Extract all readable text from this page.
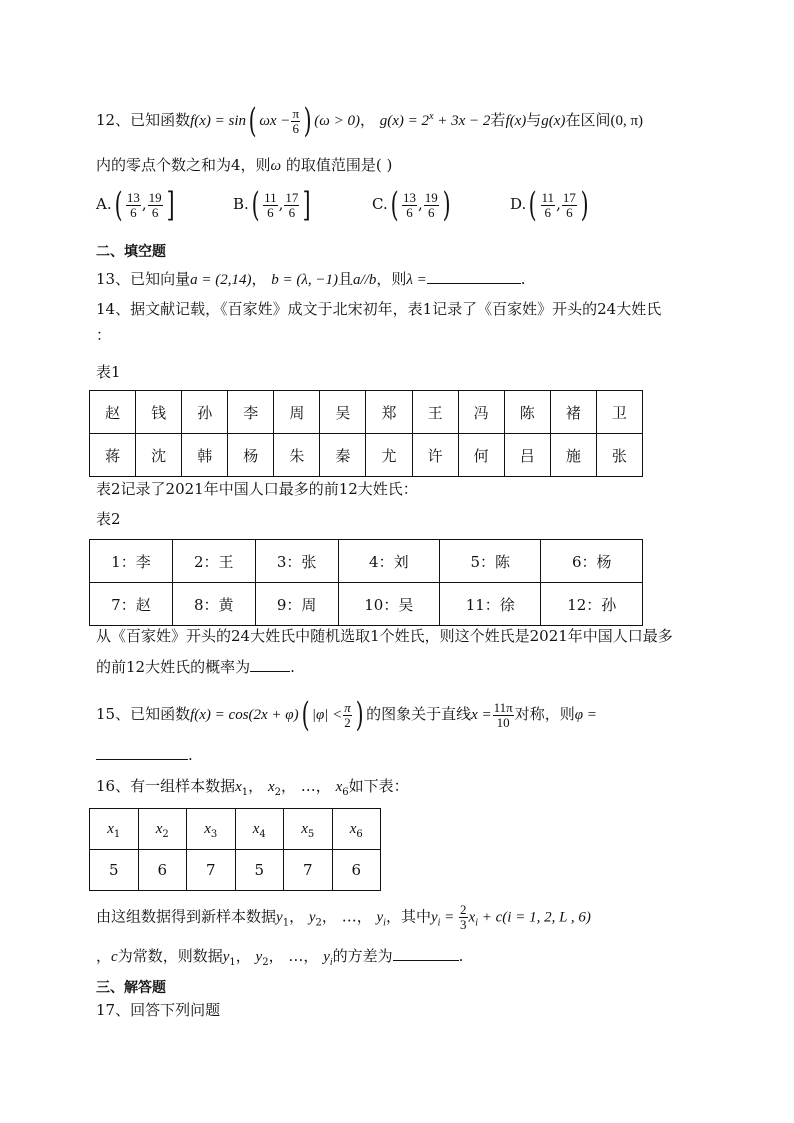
12、已知函数f(x) = sin( $\omega x - \frac{\pi}{6}$ ) (ω > 0)， $g(x) = 2^x + 3x - 2$若f(x)与g(x)在区间(0, π)
内的零点个数之和为4，则ω 的取值范围是( )
$A.( \frac{13}{6}$ , $\frac{19}{6}$ ]	$B.( \frac{11}{6}$ , $\frac{17}{6}$ ]	$C.( \frac{13}{6}$ , $\frac{19}{6}$ )	$D.( \frac{11}{6}$ , $\frac{17}{6}$ )
二、填空题
13、已知向量a = (2,14)， b = (λ, −1)且a//b，则λ =	.
14、据文献记载，《百家姓》成文于北宋初年，表1记录了《百家姓》开头的24大姓氏
：
表1
赵	钱	孙	李	周	吴	郑	王	冯	陈	褚	卫
蒋	沈	韩	杨	朱	秦	尤	许	何	吕	施	张
表2记录了2021年中国人口最多的前12大姓氏：
表2
1：李	2：王	3：张	4：刘	5：陈	6：杨
7：赵	8：黄	9：周	10：吴	11：徐	12：孙
从《百家姓》开头的24大姓氏中随机选取1个姓氏，则这个姓氏是2021年中国人口最多
的前12大姓氏的概率为	.
15、已知函数f(x) = cos(2x + φ)( $|\varphi| < \frac{\pi}{2}$ ) 的图象关于直线$x = \frac{11\pi}{10}$ 对称，则φ =
.
16、有一组样本数据$x_1$， $x_2$， …， $x_6$如下表：
$x_1$	$x_2$	$x_3$	$x_4$	$x_5$	$x_6$
5	6	7	5	7	6
由这组数据得到新样本数据$y_1$， $y_2$， …， $y_i$，其中$y_i = \frac{2}{3} x_i + c(i = 1$, 2, L , 6)
，c为常数，则数据$y_1$， $y_2$， …， $y_i$的方差为	.
三、解答题
17、回答下列问题
